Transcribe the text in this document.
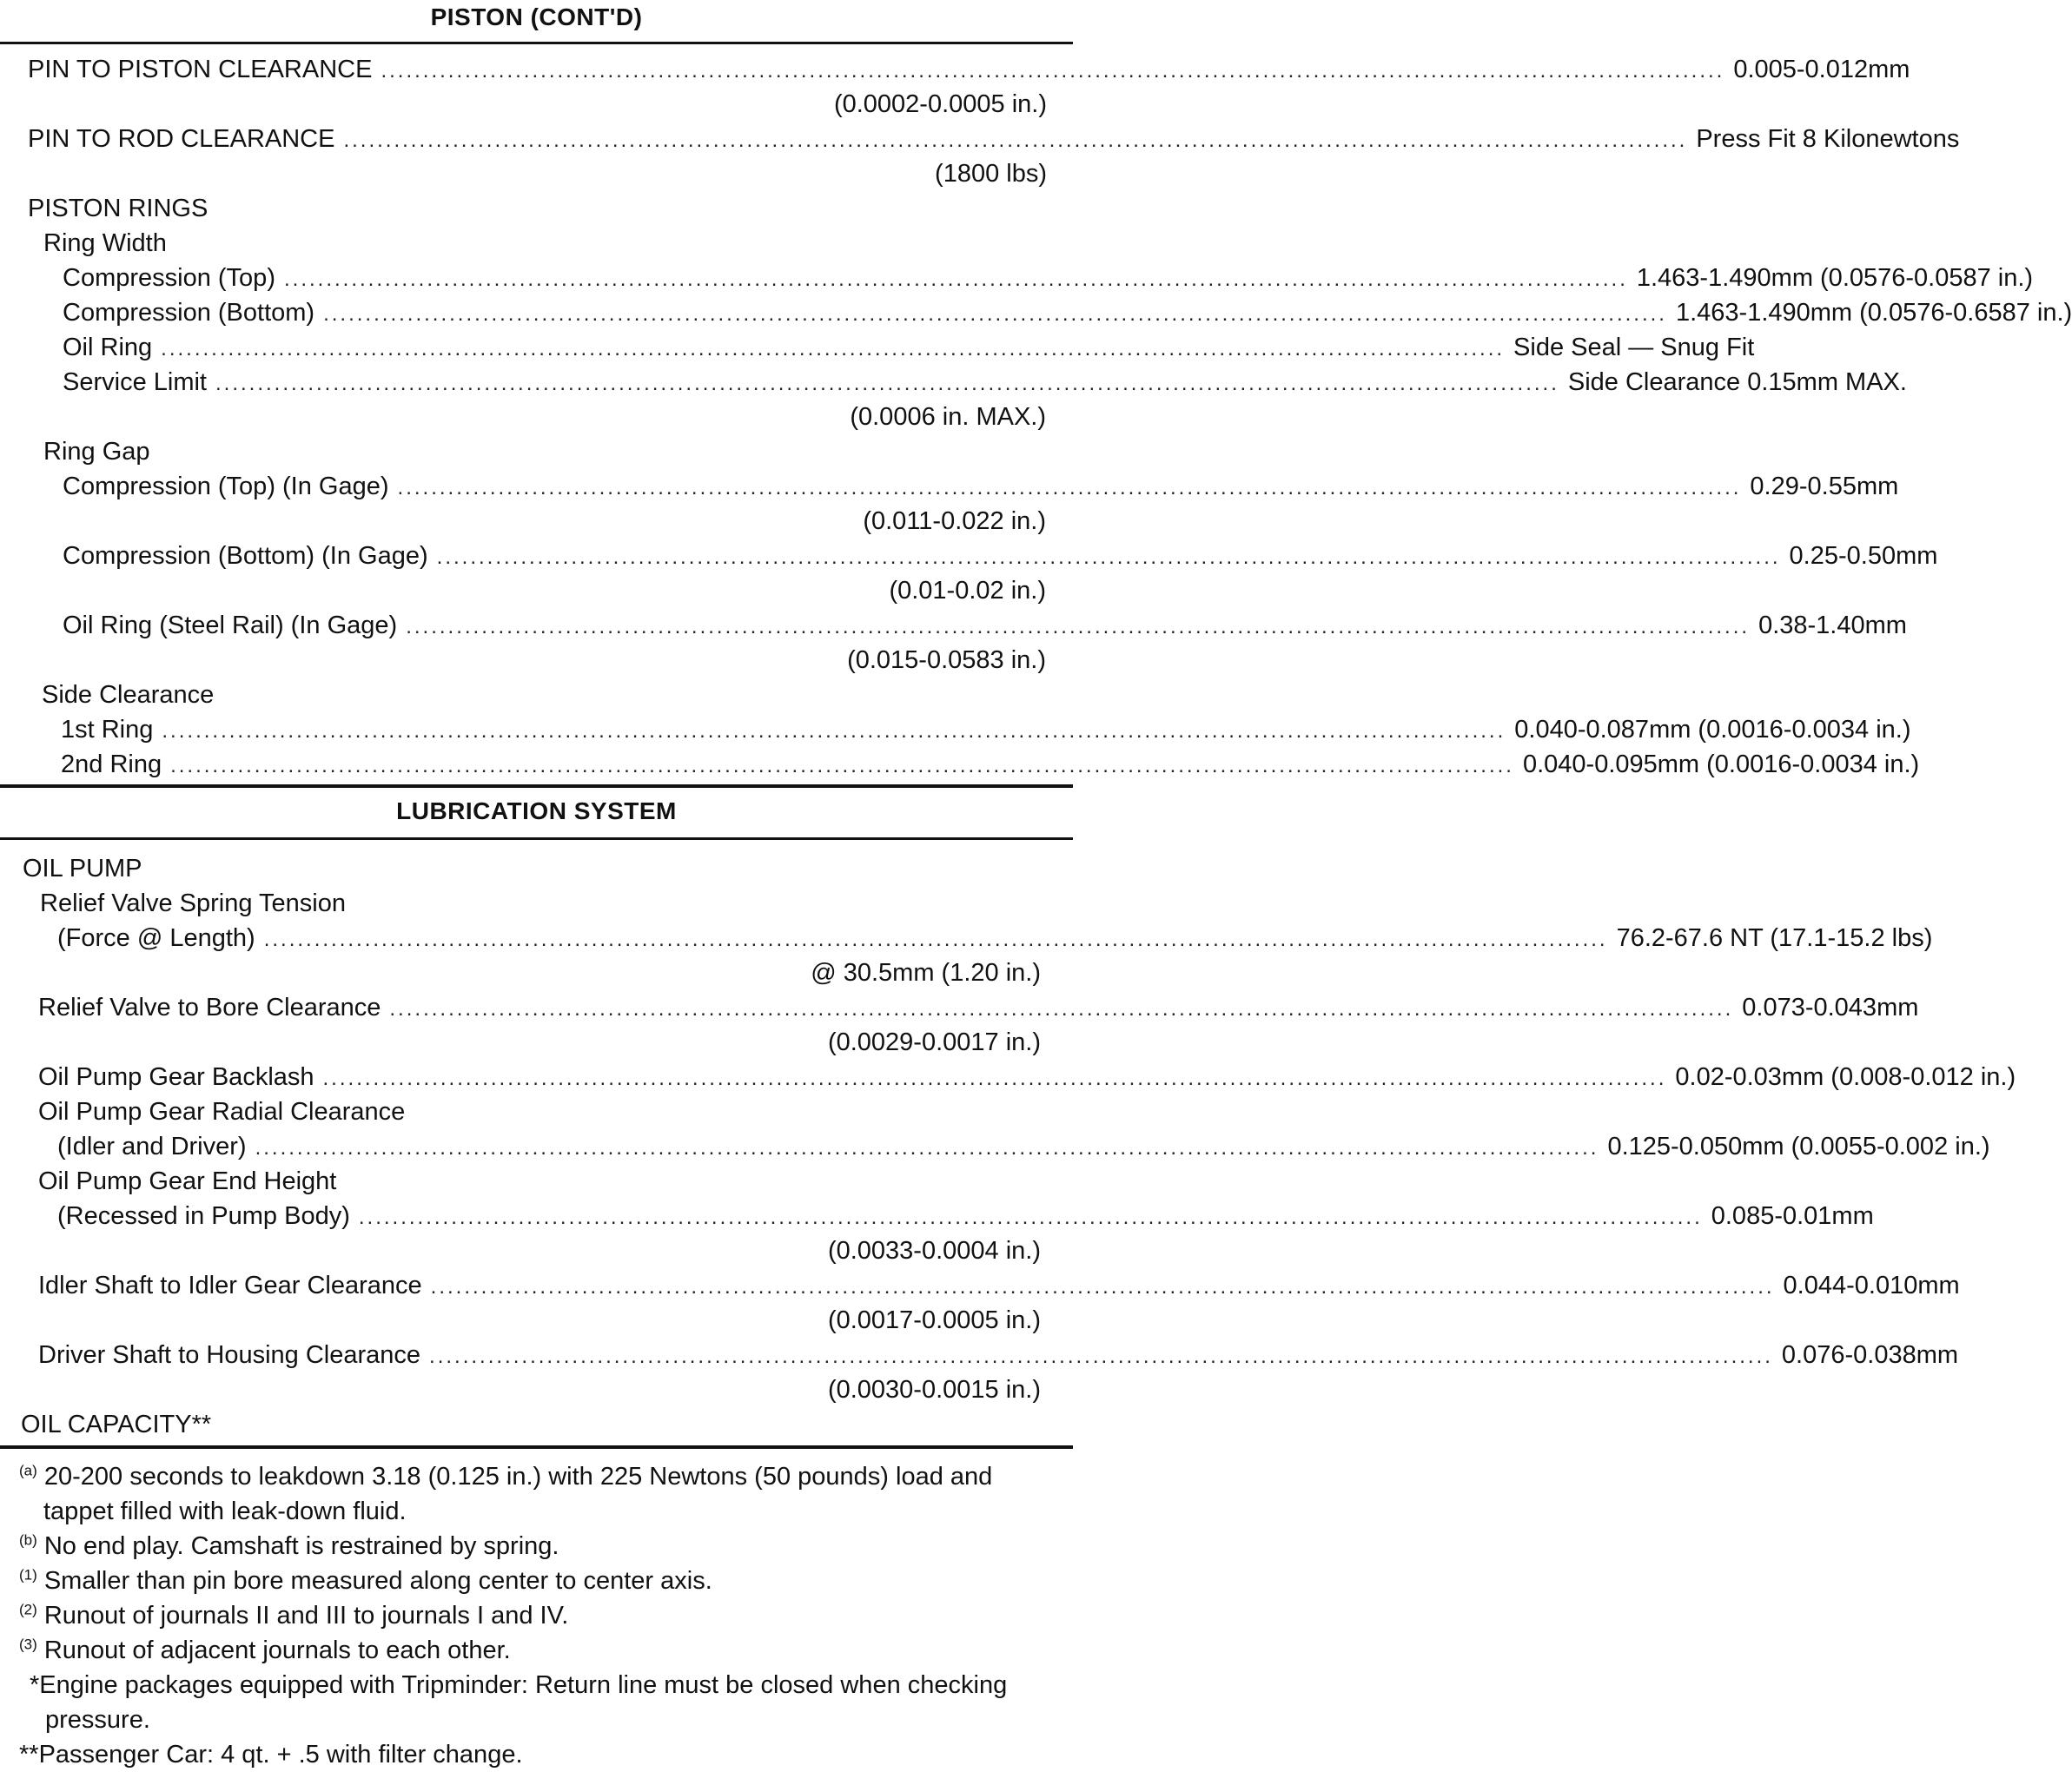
PISTON (CONT'D)
PIN TO PISTON CLEARANCE ................................................................................................................................................................ 0.005-0.012mm
(0.0002-0.0005 in.)
PIN TO ROD CLEARANCE ................................................................................................................................................................ Press Fit 8 Kilonewtons
(1800 lbs)
PISTON RINGS
Ring Width
Compression (Top) ................................................................................................................................................................ 1.463-1.490mm (0.0576-0.0587 in.)
Compression (Bottom) ................................................................................................................................................................ 1.463-1.490mm (0.0576-0.6587 in.)
Oil Ring ................................................................................................................................................................ Side Seal — Snug Fit
Service Limit ................................................................................................................................................................ Side Clearance 0.15mm MAX.
(0.0006 in. MAX.)
Ring Gap
Compression (Top) (In Gage) ................................................................................................................................................................ 0.29-0.55mm
(0.011-0.022 in.)
Compression (Bottom) (In Gage) ................................................................................................................................................................ 0.25-0.50mm
(0.01-0.02 in.)
Oil Ring (Steel Rail) (In Gage) ................................................................................................................................................................ 0.38-1.40mm
(0.015-0.0583 in.)
Side Clearance
1st Ring ................................................................................................................................................................ 0.040-0.087mm (0.0016-0.0034 in.)
2nd Ring ................................................................................................................................................................ 0.040-0.095mm (0.0016-0.0034 in.)
LUBRICATION SYSTEM
OIL PUMP
Relief Valve Spring Tension
(Force @ Length) ................................................................................................................................................................ 76.2-67.6 NT (17.1-15.2 lbs)
@ 30.5mm (1.20 in.)
Relief Valve to Bore Clearance ................................................................................................................................................................ 0.073-0.043mm
(0.0029-0.0017 in.)
Oil Pump Gear Backlash ................................................................................................................................................................ 0.02-0.03mm (0.008-0.012 in.)
Oil Pump Gear Radial Clearance
(Idler and Driver) ................................................................................................................................................................ 0.125-0.050mm (0.0055-0.002 in.)
Oil Pump Gear End Height
(Recessed in Pump Body) ................................................................................................................................................................ 0.085-0.01mm
(0.0033-0.0004 in.)
Idler Shaft to Idler Gear Clearance ................................................................................................................................................................ 0.044-0.010mm
(0.0017-0.0005 in.)
Driver Shaft to Housing Clearance ................................................................................................................................................................ 0.076-0.038mm
(0.0030-0.0015 in.)
OIL CAPACITY**
$^{(a)}$ 20-200 seconds to leakdown 3.18 (0.125 in.) with 225 Newtons (50 pounds) load and
tappet filled with leak-down fluid.
$^{(b)}$ No end play. Camshaft is restrained by spring.
$^{(1)}$ Smaller than pin bore measured along center to center axis.
$^{(2)}$ Runout of journals II and III to journals I and IV.
$^{(3)}$ Runout of adjacent journals to each other.
*Engine packages equipped with Tripminder: Return line must be closed when checking
pressure.
**Passenger Car: 4 qt. + .5 with filter change.
